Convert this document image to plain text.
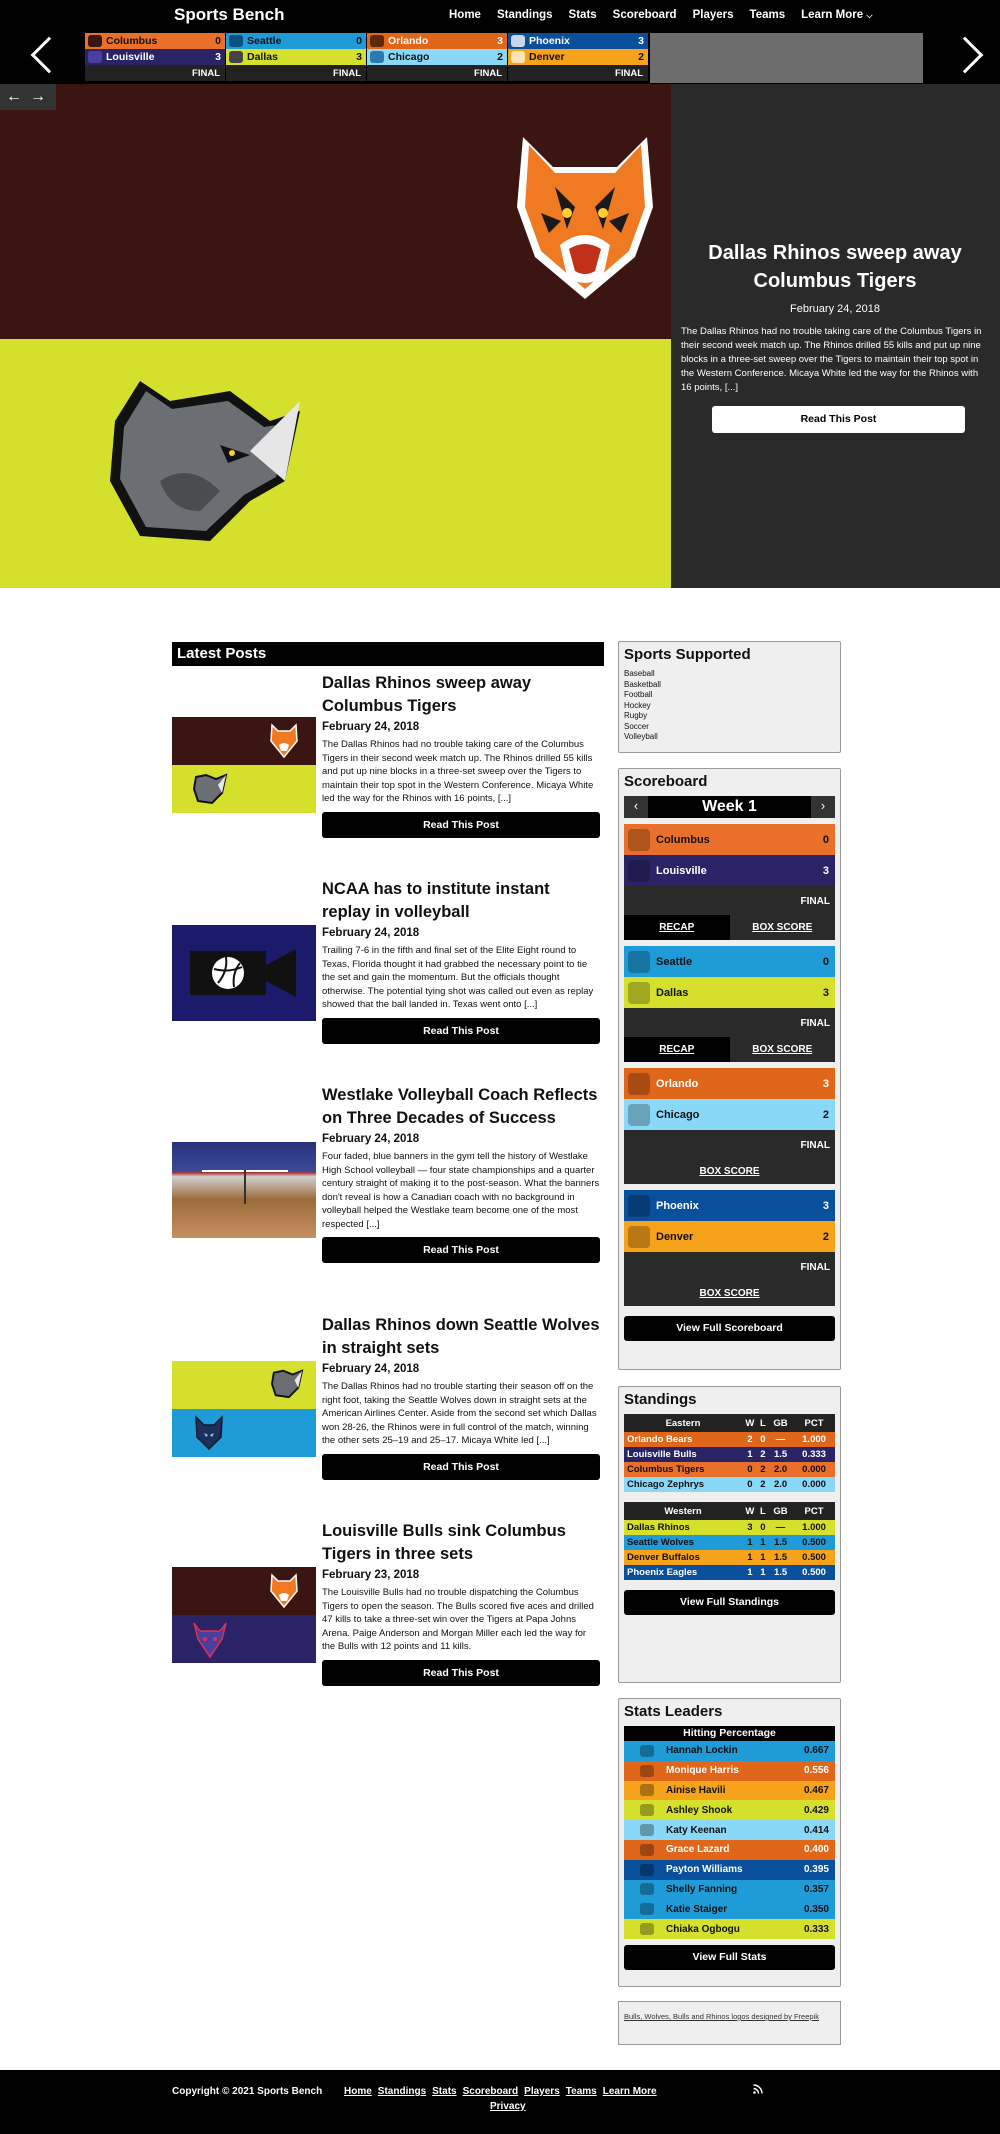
Sports Bench	Home Standings Stats Scoreboard Players Teams Learn More ⌵
Columbus	0
Louisville	3
FINAL
Seattle	0
Dallas	3
FINAL
Orlando	3
Chicago	2
FINAL
Phoenix	3
Denver	2
FINAL
← →
Dallas Rhinos sweep away Columbus Tigers
February 24, 2018
The Dallas Rhinos had no trouble taking care of the Columbus Tigers in their second week match up. The Rhinos drilled 55 kills and put up nine blocks in a three-set sweep over the Tigers to maintain their top spot in the Western Conference. Micaya White led the way for the Rhinos with 16 points, [...]
Read This Post
Latest Posts
Dallas Rhinos sweep away Columbus Tigers
February 24, 2018
The Dallas Rhinos had no trouble taking care of the Columbus Tigers in their second week match up. The Rhinos drilled 55 kills and put up nine blocks in a three-set sweep over the Tigers to maintain their top spot in the Western Conference. Micaya White led the way for the Rhinos with 16 points, [...]
Read This Post
NCAA has to institute instant replay in volleyball
February 24, 2018
Trailing 7-6 in the fifth and final set of the Elite Eight round to Texas, Florida thought it had grabbed the necessary point to tie the set and gain the momentum. But the officials thought otherwise. The potential tying shot was called out even as replay showed that the ball landed in. Texas went onto [...]
Read This Post
Westlake Volleyball Coach Reflects on Three Decades of Success
February 24, 2018
Four faded, blue banners in the gym tell the history of Westlake High School volleyball — four state championships and a quarter century straight of making it to the post-season. What the banners don't reveal is how a Canadian coach with no background in volleyball helped the Westlake team become one of the most respected [...]
Read This Post
Dallas Rhinos down Seattle Wolves in straight sets
February 24, 2018
The Dallas Rhinos had no trouble starting their season off on the right foot, taking the Seattle Wolves down in straight sets at the American Airlines Center. Aside from the second set which Dallas won 28-26, the Rhinos were in full control of the match, winning the other sets 25–19 and 25–17. Micaya White led [...]
Read This Post
Louisville Bulls sink Columbus Tigers in three sets
February 23, 2018
The Louisville Bulls had no trouble dispatching the Columbus Tigers to open the season. The Bulls scored five aces and drilled 47 kills to take a three-set win over the Tigers at Papa Johns Arena. Paige Anderson and Morgan Miller each led the way for the Bulls with 12 points and 11 kills.
Read This Post
Sports Supported
Baseball
Basketball
Football
Hockey
Rugby
Soccer
Volleyball
Scoreboard
‹	Week 1	›
Columbus	0
Louisville	3
FINAL
RECAP	BOX SCORE
Seattle	0
Dallas	3
FINAL
RECAP	BOX SCORE
Orlando	3
Chicago	2
FINAL
BOX SCORE
Phoenix	3
Denver	2
FINAL
BOX SCORE
View Full Scoreboard
Standings
Eastern	W	L	GB	PCT
Orlando Bears	2	0	—	1.000
Louisville Bulls	1	2	1.5	0.333
Columbus Tigers	0	2	2.0	0.000
Chicago Zephrys	0	2	2.0	0.000
Western	W	L	GB	PCT
Dallas Rhinos	3	0	—	1.000
Seattle Wolves	1	1	1.5	0.500
Denver Buffalos	1	1	1.5	0.500
Phoenix Eagles	1	1	1.5	0.500
View Full Standings
Stats Leaders
Hitting Percentage
Hannah Lockin	0.667
Monique Harris	0.556
Ainise Havili	0.467
Ashley Shook	0.429
Katy Keenan	0.414
Grace Lazard	0.400
Payton Williams	0.395
Shelly Fanning	0.357
Katie Staiger	0.350
Chiaka Ogbogu	0.333
View Full Stats
Bulls, Wolves, Bulls and Rhinos logos designed by Freepik
Copyright © 2021 Sports Bench Home Standings Stats Scoreboard Players Teams Learn More
Privacy
